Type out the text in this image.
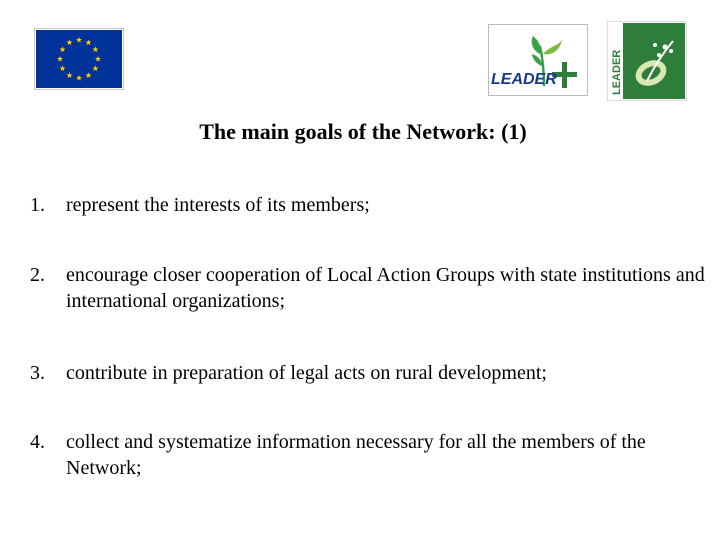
LEADER	LEADER
The main goals of the Network: (1)
1. represent the interests of its members;
2. encourage closer cooperation of Local Action Groups with state institutions and international organizations;
3. contribute in preparation of legal acts on rural development;
4. collect and systematize information necessary for all the members of the Network;
